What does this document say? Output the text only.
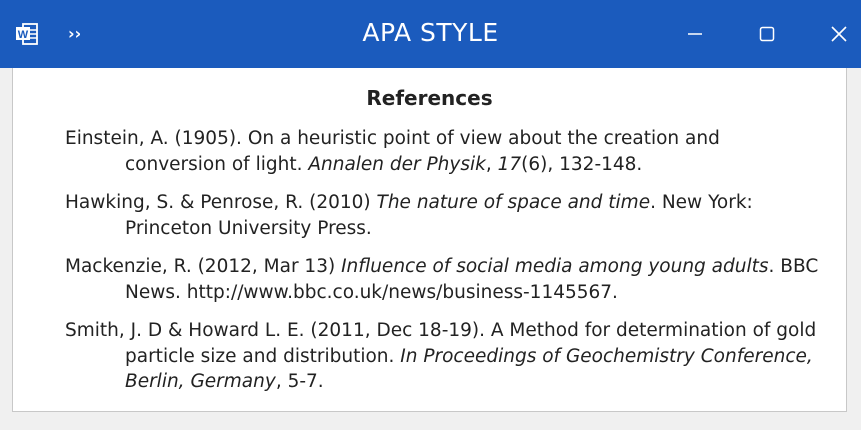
W ››	APA STYLE
References
Einstein, A. (1905). On a heuristic point of view about the creation and conversion of light. Annalen der Physik, 17(6), 132-148.
Hawking, S. & Penrose, R. (2010) The nature of space and time. New York: Princeton University Press.
Mackenzie, R. (2012, Mar 13) Influence of social media among young adults. BBC News. http://www.bbc.co.uk/news/business-1145567.
Smith, J. D & Howard L. E. (2011, Dec 18-19). A Method for determination of gold particle size and distribution. In Proceedings of Geochemistry Conference, Berlin, Germany, 5-7.
